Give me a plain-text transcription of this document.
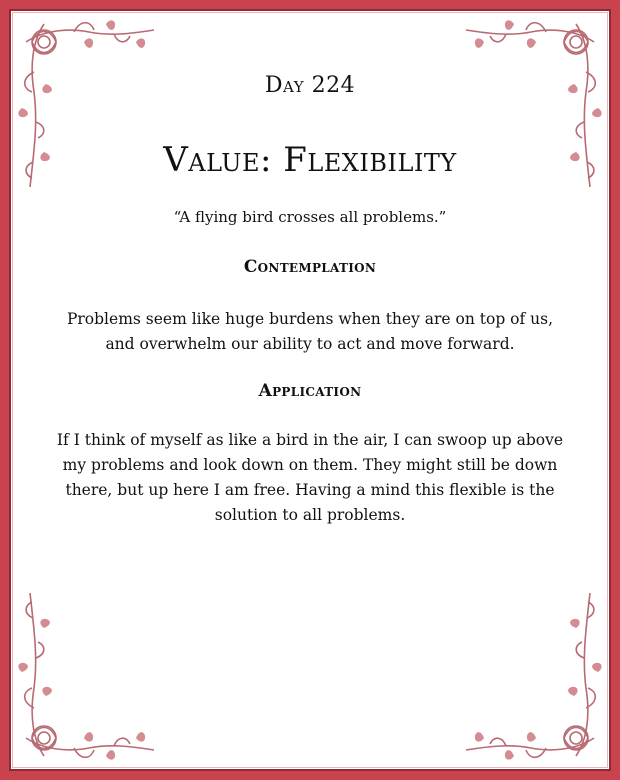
Day 224
Value: Flexibility
“A flying bird crosses all problems.”
Contemplation
Problems seem like huge burdens when they are on top of us, and overwhelm our ability to act and move forward.
Application
If I think of myself as like a bird in the air, I can swoop up above my problems and look down on them. They might still be down there, but up here I am free. Having a mind this flexible is the solution to all problems.
